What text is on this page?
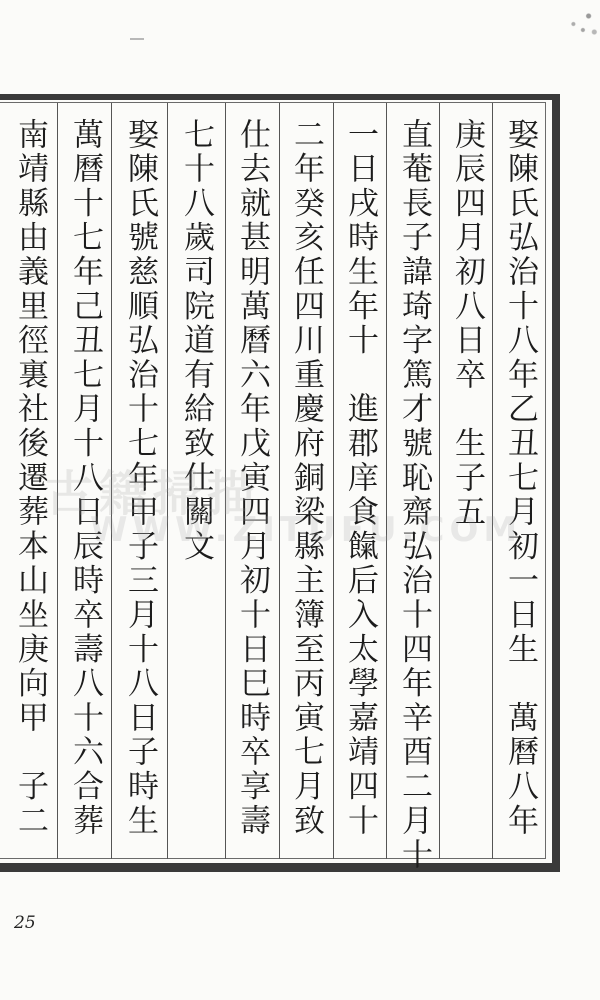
娶陳氏弘治十八年乙丑七月初一日生　萬曆八年
庚辰四月初八日卒　生子五
直菴長子諱琦字篤才號恥齋弘治十四年辛酉二月十
一日戌時生年十　進郡庠食餼后入太學嘉靖四十
二年癸亥任四川重慶府銅梁縣主簿至丙寅七月致
仕去就甚明萬曆六年戊寅四月初十日巳時卒享壽
七十八歲司院道有給致仕關文
娶陳氏號慈順弘治十七年甲子三月十八日子時生
萬曆十七年己丑七月十八日辰時卒壽八十六合葬
南靖縣由義里徑裏社後遷葬本山坐庚向甲　子二
古籍掃描
WWW.ZITUFU.COM
25
